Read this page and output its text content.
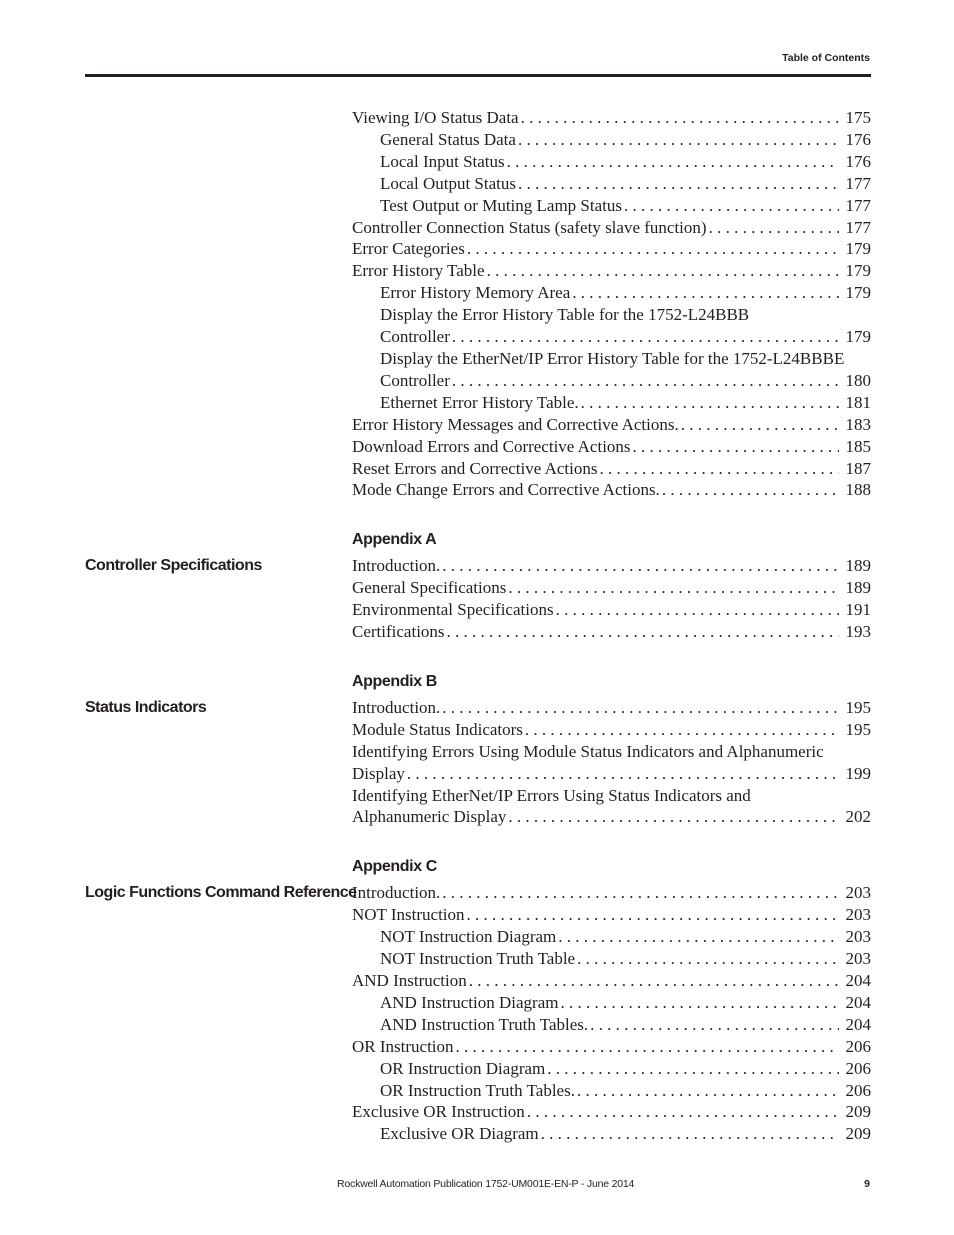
Table of Contents
Viewing I/O Status Data . . .	175
General Status Data . . .	176
Local Input Status . . .	176
Local Output Status . . .	177
Test Output or Muting Lamp Status . . .	177
Controller Connection Status (safety slave function) . . .	177
Error Categories . . .	179
Error History Table . . .	179
Error History Memory Area . . .	179
Display the Error History Table for the 1752-L24BBB
Controller . . .	179
Display the EtherNet/IP Error History Table for the 1752-L24BBBE
Controller . . .	180
Ethernet Error History Table. . . .	181
Error History Messages and Corrective Actions. . . .	183
Download Errors and Corrective Actions . . .	185
Reset Errors and Corrective Actions . . .	187
Mode Change Errors and Corrective Actions. . . .	188
Appendix A
Controller Specifications	Introduction. . . .	189
General Specifications . . .	189
Environmental Specifications . . .	191
Certifications . . .	193
Appendix B
Status Indicators	Introduction. . . .	195
Module Status Indicators . . .	195
Identifying Errors Using Module Status Indicators and Alphanumeric
Display . . .	199
Identifying EtherNet/IP Errors Using Status Indicators and
Alphanumeric Display . . .	202
Appendix C
Logic Functions Command Reference
Introduction. . . .	203
NOT Instruction . . .	203
NOT Instruction Diagram . . .	203
NOT Instruction Truth Table . . .	203
AND Instruction . . .	204
AND Instruction Diagram . . .	204
AND Instruction Truth Tables. . . .	204
OR Instruction . . .	206
OR Instruction Diagram . . .	206
OR Instruction Truth Tables. . . .	206
Exclusive OR Instruction . . .	209
Exclusive OR Diagram . . .	209
Rockwell Automation Publication 1752-UM001E-EN-P - June 2014	9
